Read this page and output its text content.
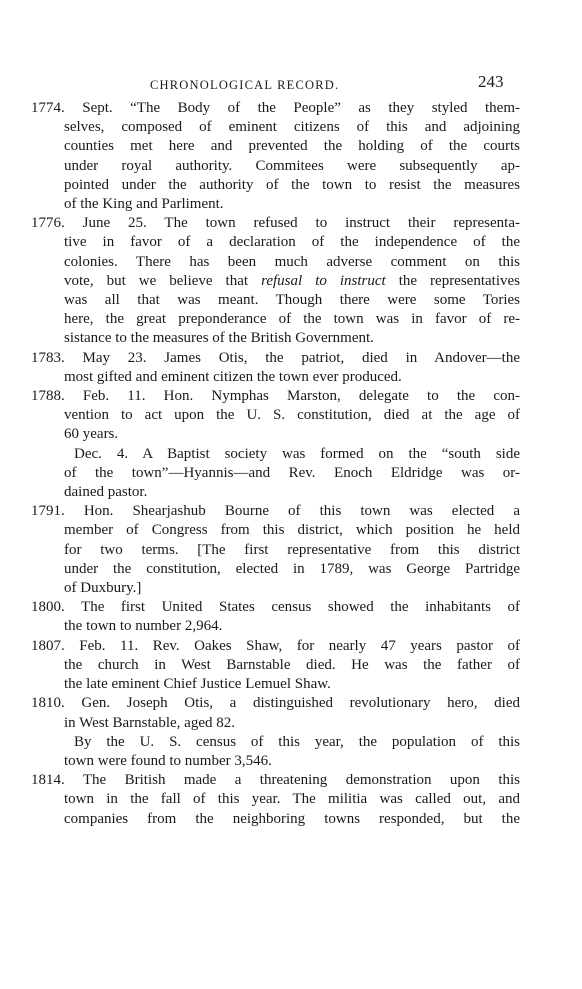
CHRONOLOGICAL RECORD.	243
1774. Sept. “The Body of the People” as they styled them-
selves, composed of eminent citizens of this and adjoining
counties met here and prevented the holding of the courts
under royal authority. Commitees were subsequently ap-
pointed under the authority of the town to resist the measures
of the King and Parliment.
1776. June 25. The town refused to instruct their representa-
tive in favor of a declaration of the independence of the
colonies. There has been much adverse comment on this
vote, but we believe that refusal to instruct the representatives
was all that was meant. Though there were some Tories
here, the great preponderance of the town was in favor of re-
sistance to the measures of the British Government.
1783. May 23. James Otis, the patriot, died in Andover—the
most gifted and eminent citizen the town ever produced.
1788. Feb. 11. Hon. Nymphas Marston, delegate to the con-
vention to act upon the U. S. constitution, died at the age of
60 years.
Dec. 4. A Baptist society was formed on the “south side
of the town”—Hyannis—and Rev. Enoch Eldridge was or-
dained pastor.
1791. Hon. Shearjashub Bourne of this town was elected a
member of Congress from this district, which position he held
for two terms. [The first representative from this district
under the constitution, elected in 1789, was George Partridge
of Duxbury.]
1800. The first United States census showed the inhabitants of
the town to number 2,964.
1807. Feb. 11. Rev. Oakes Shaw, for nearly 47 years pastor of
the church in West Barnstable died. He was the father of
the late eminent Chief Justice Lemuel Shaw.
1810. Gen. Joseph Otis, a distinguished revolutionary hero, died
in West Barnstable, aged 82.
By the U. S. census of this year, the population of this
town were found to number 3,546.
1814. The British made a threatening demonstration upon this
town in the fall of this year. The militia was called out, and
companies from the neighboring towns responded, but the
